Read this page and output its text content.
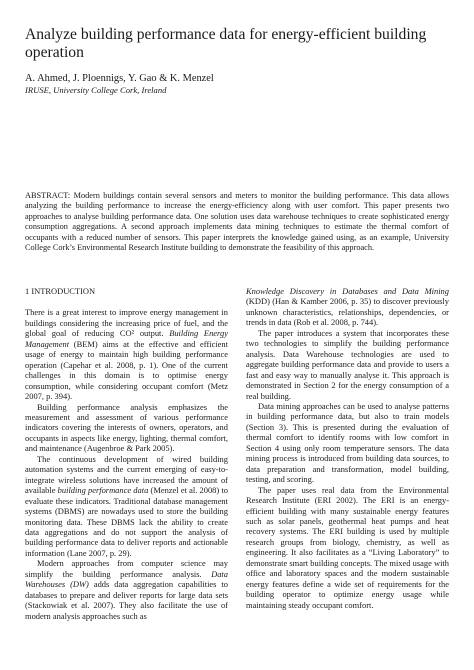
Analyze building performance data for energy-efficient building operation
A. Ahmed, J. Ploennigs, Y. Gao & K. Menzel
IRUSE, University College Cork, Ireland

ABSTRACT: Modern buildings contain several sensors and meters to monitor the building performance. This data allows analyzing the building performance to increase the energy-efficiency along with user comfort. This paper presents two approaches to analyse building performance data. One solution uses data warehouse techniques to create sophisticated energy consumption aggregations. A second approach implements data mining techniques to estimate the thermal comfort of occupants with a reduced number of sensors. This paper interprets the knowledge gained using, as an example, University College Cork’s Environmental Research Institute building to demonstrate the feasibility of this approach.

1 INTRODUCTION

There is a great interest to improve energy management in buildings considering the increasing price of fuel, and the global goal of reducing CO² output. Building Energy Management (BEM) aims at the effective and efficient usage of energy to maintain high building performance operation (Capehar et al. 2008, p. 1). One of the current challenges in this domain is to optimise energy consumption, while considering occupant comfort (Metz 2007, p. 394).

Building performance analysis emphasizes the measurement and assessment of various performance indicators covering the interests of owners, operators, and occupants in aspects like energy, lighting, thermal comfort, and maintenance (Augenbroe & Park 2005).

The continuous development of wired building automation systems and the current emerging of easy-to-integrate wireless solutions have increased the amount of available building performance data (Menzel et al. 2008) to evaluate these indicators. Traditional database management systems (DBMS) are nowadays used to store the building monitoring data. These DBMS lack the ability to create data aggregations and do not support the analysis of building performance data to deliver reports and actionable information (Lane 2007, p. 29).

Modern approaches from computer science may simplify the building performance analysis. Data Warehouses (DW) adds data aggregation capabilities to databases to prepare and deliver reports for large data sets (Stackowiak et al. 2007). They also facilitate the use of modern analysis approaches such as

Knowledge Discovery in Databases and Data Mining (KDD) (Han & Kamber 2006, p. 35) to discover previously unknown characteristics, relationships, dependencies, or trends in data (Rob et al. 2008, p. 744).

The paper introduces a system that incorporates these two technologies to simplify the building performance analysis. Data Warehouse technologies are used to aggregate building performance data and provide to users a fast and easy way to manually analyse it. This approach is demonstrated in Section 2 for the energy consumption of a real building.

Data mining approaches can be used to analyse patterns in building performance data, but also to train models (Section 3). This is presented during the evaluation of thermal comfort to identify rooms with low comfort in Section 4 using only room temperature sensors. The data mining process is introduced from building data sources, to data preparation and transformation, model building, testing, and scoring.

The paper uses real data from the Environmental Research Institute (ERI 2002). The ERI is an energy-efficient building with many sustainable energy features such as solar panels, geothermal heat pumps and heat recovery systems. The ERI building is used by multiple research groups from biology, chemistry, as well as engineering. It also facilitates as a “Living Laboratory” to demonstrate smart building concepts. The mixed usage with office and laboratory spaces and the modern sustainable energy features define a wide set of requirements for the building operator to optimize energy usage while maintaining steady occupant comfort.
